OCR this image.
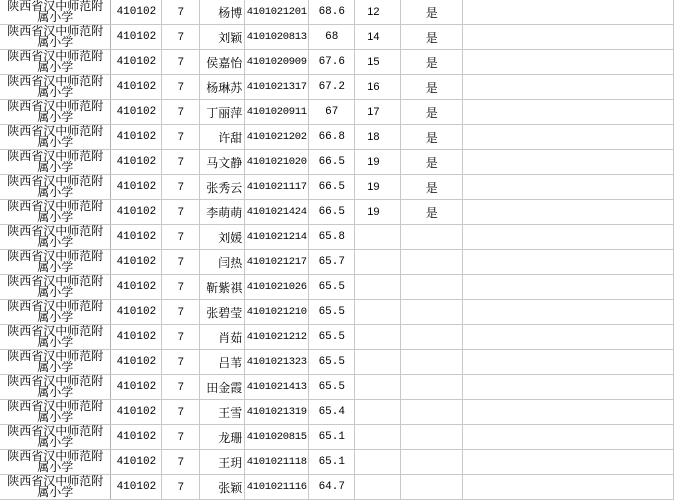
陕西省汉中师范附属小学	410102	7	杨博	4101021201	68.6	12	是	
陕西省汉中师范附属小学	410102	7	刘颖	4101020813	68	14	是	
陕西省汉中师范附属小学	410102	7	侯嘉怡	4101020909	67.6	15	是	
陕西省汉中师范附属小学	410102	7	杨琳苏	4101021317	67.2	16	是	
陕西省汉中师范附属小学	410102	7	丁丽萍	4101020911	67	17	是	
陕西省汉中师范附属小学	410102	7	许甜	4101021202	66.8	18	是	
陕西省汉中师范附属小学	410102	7	马文静	4101021020	66.5	19	是	
陕西省汉中师范附属小学	410102	7	张秀云	4101021117	66.5	19	是	
陕西省汉中师范附属小学	410102	7	李萌萌	4101021424	66.5	19	是	
陕西省汉中师范附属小学	410102	7	刘媛	4101021214	65.8			
陕西省汉中师范附属小学	410102	7	闫热	4101021217	65.7			
陕西省汉中师范附属小学	410102	7	靳紫祺	4101021026	65.5			
陕西省汉中师范附属小学	410102	7	张碧莹	4101021210	65.5			
陕西省汉中师范附属小学	410102	7	肖茹	4101021212	65.5			
陕西省汉中师范附属小学	410102	7	吕苇	4101021323	65.5			
陕西省汉中师范附属小学	410102	7	田金霞	4101021413	65.5			
陕西省汉中师范附属小学	410102	7	王雪	4101021319	65.4			
陕西省汉中师范附属小学	410102	7	龙珊	4101020815	65.1			
陕西省汉中师范附属小学	410102	7	王玥	4101021118	65.1			
陕西省汉中师范附属小学	410102	7	张颖	4101021116	64.7			
